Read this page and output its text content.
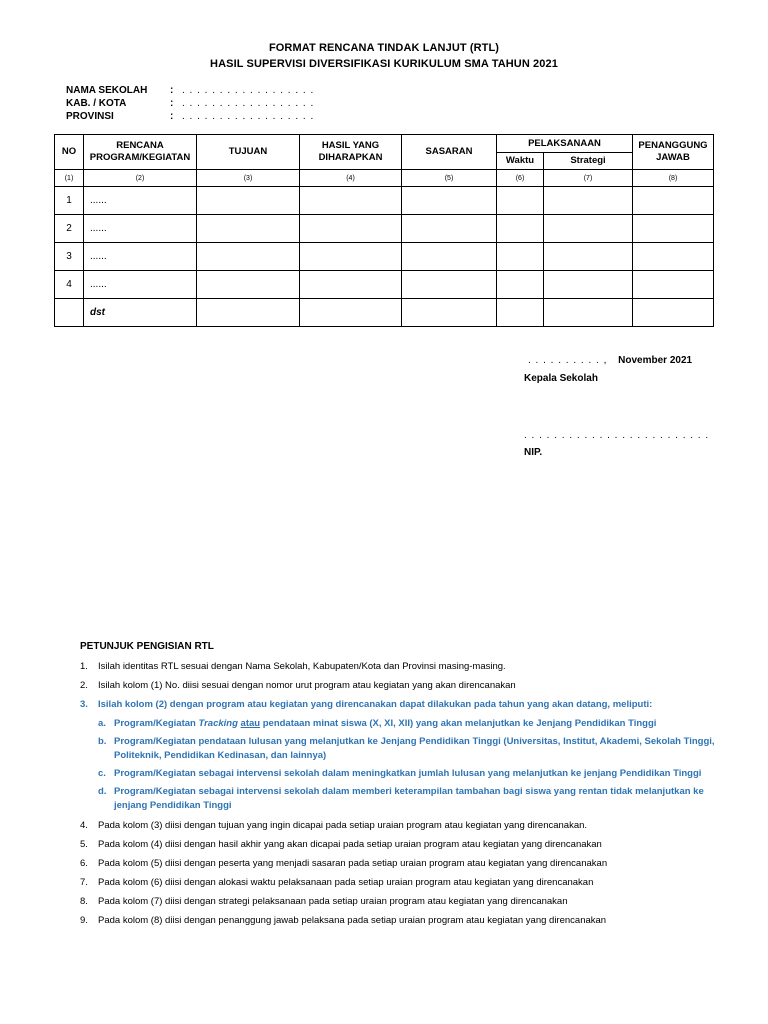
FORMAT RENCANA TINDAK LANJUT (RTL)
HASIL SUPERVISI DIVERSIFIKASI KURIKULUM SMA TAHUN 2021
NAMA SEKOLAH	: . . . . . . . . . . . . . . . . . .
KAB. / KOTA	: . . . . . . . . . . . . . . . . . .
PROVINSI	: . . . . . . . . . . . . . . . . . .
NO	RENCANA PROGRAM/KEGIATAN	TUJUAN	HASIL YANG DIHARAPKAN	SASARAN	PELAKSANAAN		PENANGGUNG JAWAB
					Waktu	Strategi	
(1)	(2)	(3)	(4)	(5)	(6)	(7)	(8)
1	......						
2	......						
3	......						
4	......						
	dst						
. . . . . . . . . . , November 2021
Kepala Sekolah
. . . . . . . . . . . . . . . . . . . . . . . . .
NIP.
PETUNJUK PENGISIAN RTL
1.	Isilah identitas RTL sesuai dengan Nama Sekolah, Kabupaten/Kota dan Provinsi masing-masing.
2.	Isilah kolom (1) No. diisi sesuai dengan nomor urut program atau kegiatan yang akan direncanakan
3.	Isilah kolom (2) dengan program atau kegiatan yang direncanakan dapat dilakukan pada tahun yang akan datang, meliputi:
a. Program/Kegiatan Tracking atau pendataan minat siswa (X, XI, XII) yang akan melanjutkan ke Jenjang Pendidikan Tinggi
b. Program/Kegiatan pendataan lulusan yang melanjutkan ke Jenjang Pendidikan Tinggi (Universitas, Institut, Akademi, Sekolah Tinggi, Politeknik, Pendidikan Kedinasan, dan lainnya)
c. Program/Kegiatan sebagai intervensi sekolah dalam meningkatkan jumlah lulusan yang melanjutkan ke jenjang Pendidikan Tinggi
d. Program/Kegiatan sebagai intervensi sekolah dalam memberi keterampilan tambahan bagi siswa yang rentan tidak melanjutkan ke jenjang Pendidikan Tinggi
4.	Pada kolom (3) diisi dengan tujuan yang ingin dicapai pada setiap uraian program atau kegiatan yang direncanakan.
5.	Pada kolom (4) diisi dengan hasil akhir yang akan dicapai pada setiap uraian program atau kegiatan yang direncanakan
6.	Pada kolom (5) diisi dengan peserta yang menjadi sasaran pada setiap uraian program atau kegiatan yang direncanakan
7.	Pada kolom (6) diisi dengan alokasi waktu pelaksanaan pada setiap uraian program atau kegiatan yang direncanakan
8.	Pada kolom (7) diisi dengan strategi pelaksanaan pada setiap uraian program atau kegiatan yang direncanakan
9.	Pada kolom (8) diisi dengan penanggung jawab pelaksana pada setiap uraian program atau kegiatan yang direncanakan
